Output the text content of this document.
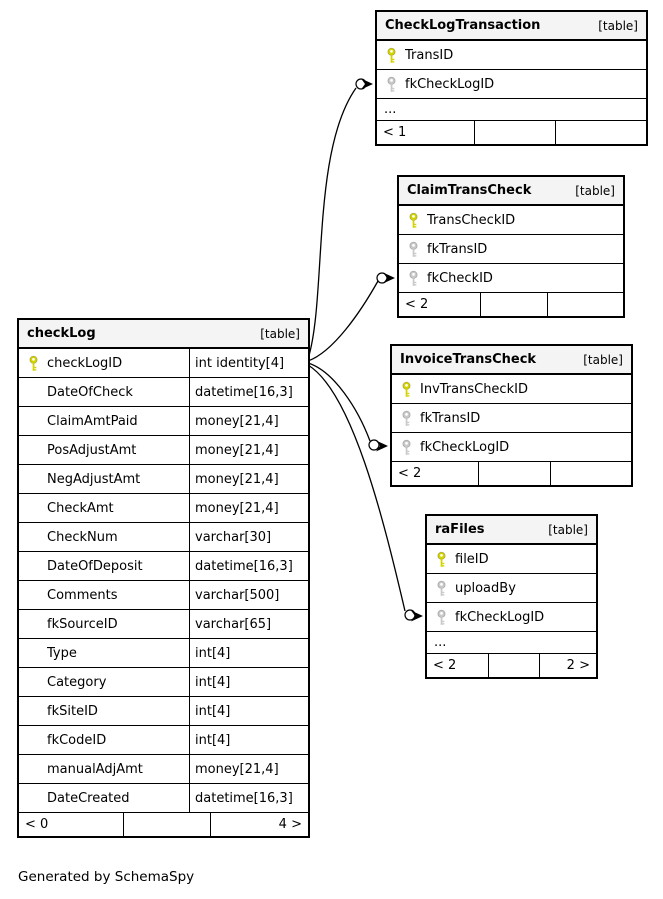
CheckLogTransaction	[table]
TransID
fkCheckLogID
...
< 1
ClaimTransCheck	[table]
TransCheckID
fkTransID
fkCheckID
< 2
InvoiceTransCheck	[table]
InvTransCheckID
fkTransID
fkCheckLogID
< 2
raFiles	[table]
fileID
uploadBy
fkCheckLogID
...
< 2	2 >
checkLog	[table]
checkLogID	int identity[4]
DateOfCheck	datetime[16,3]
ClaimAmtPaid	money[21,4]
PosAdjustAmt	money[21,4]
NegAdjustAmt	money[21,4]
CheckAmt	money[21,4]
CheckNum	varchar[30]
DateOfDeposit	datetime[16,3]
Comments	varchar[500]
fkSourceID	varchar[65]
Type	int[4]
Category	int[4]
fkSiteID	int[4]
fkCodeID	int[4]
manualAdjAmt	money[21,4]
DateCreated	datetime[16,3]
< 0	4 >
Generated by SchemaSpy
